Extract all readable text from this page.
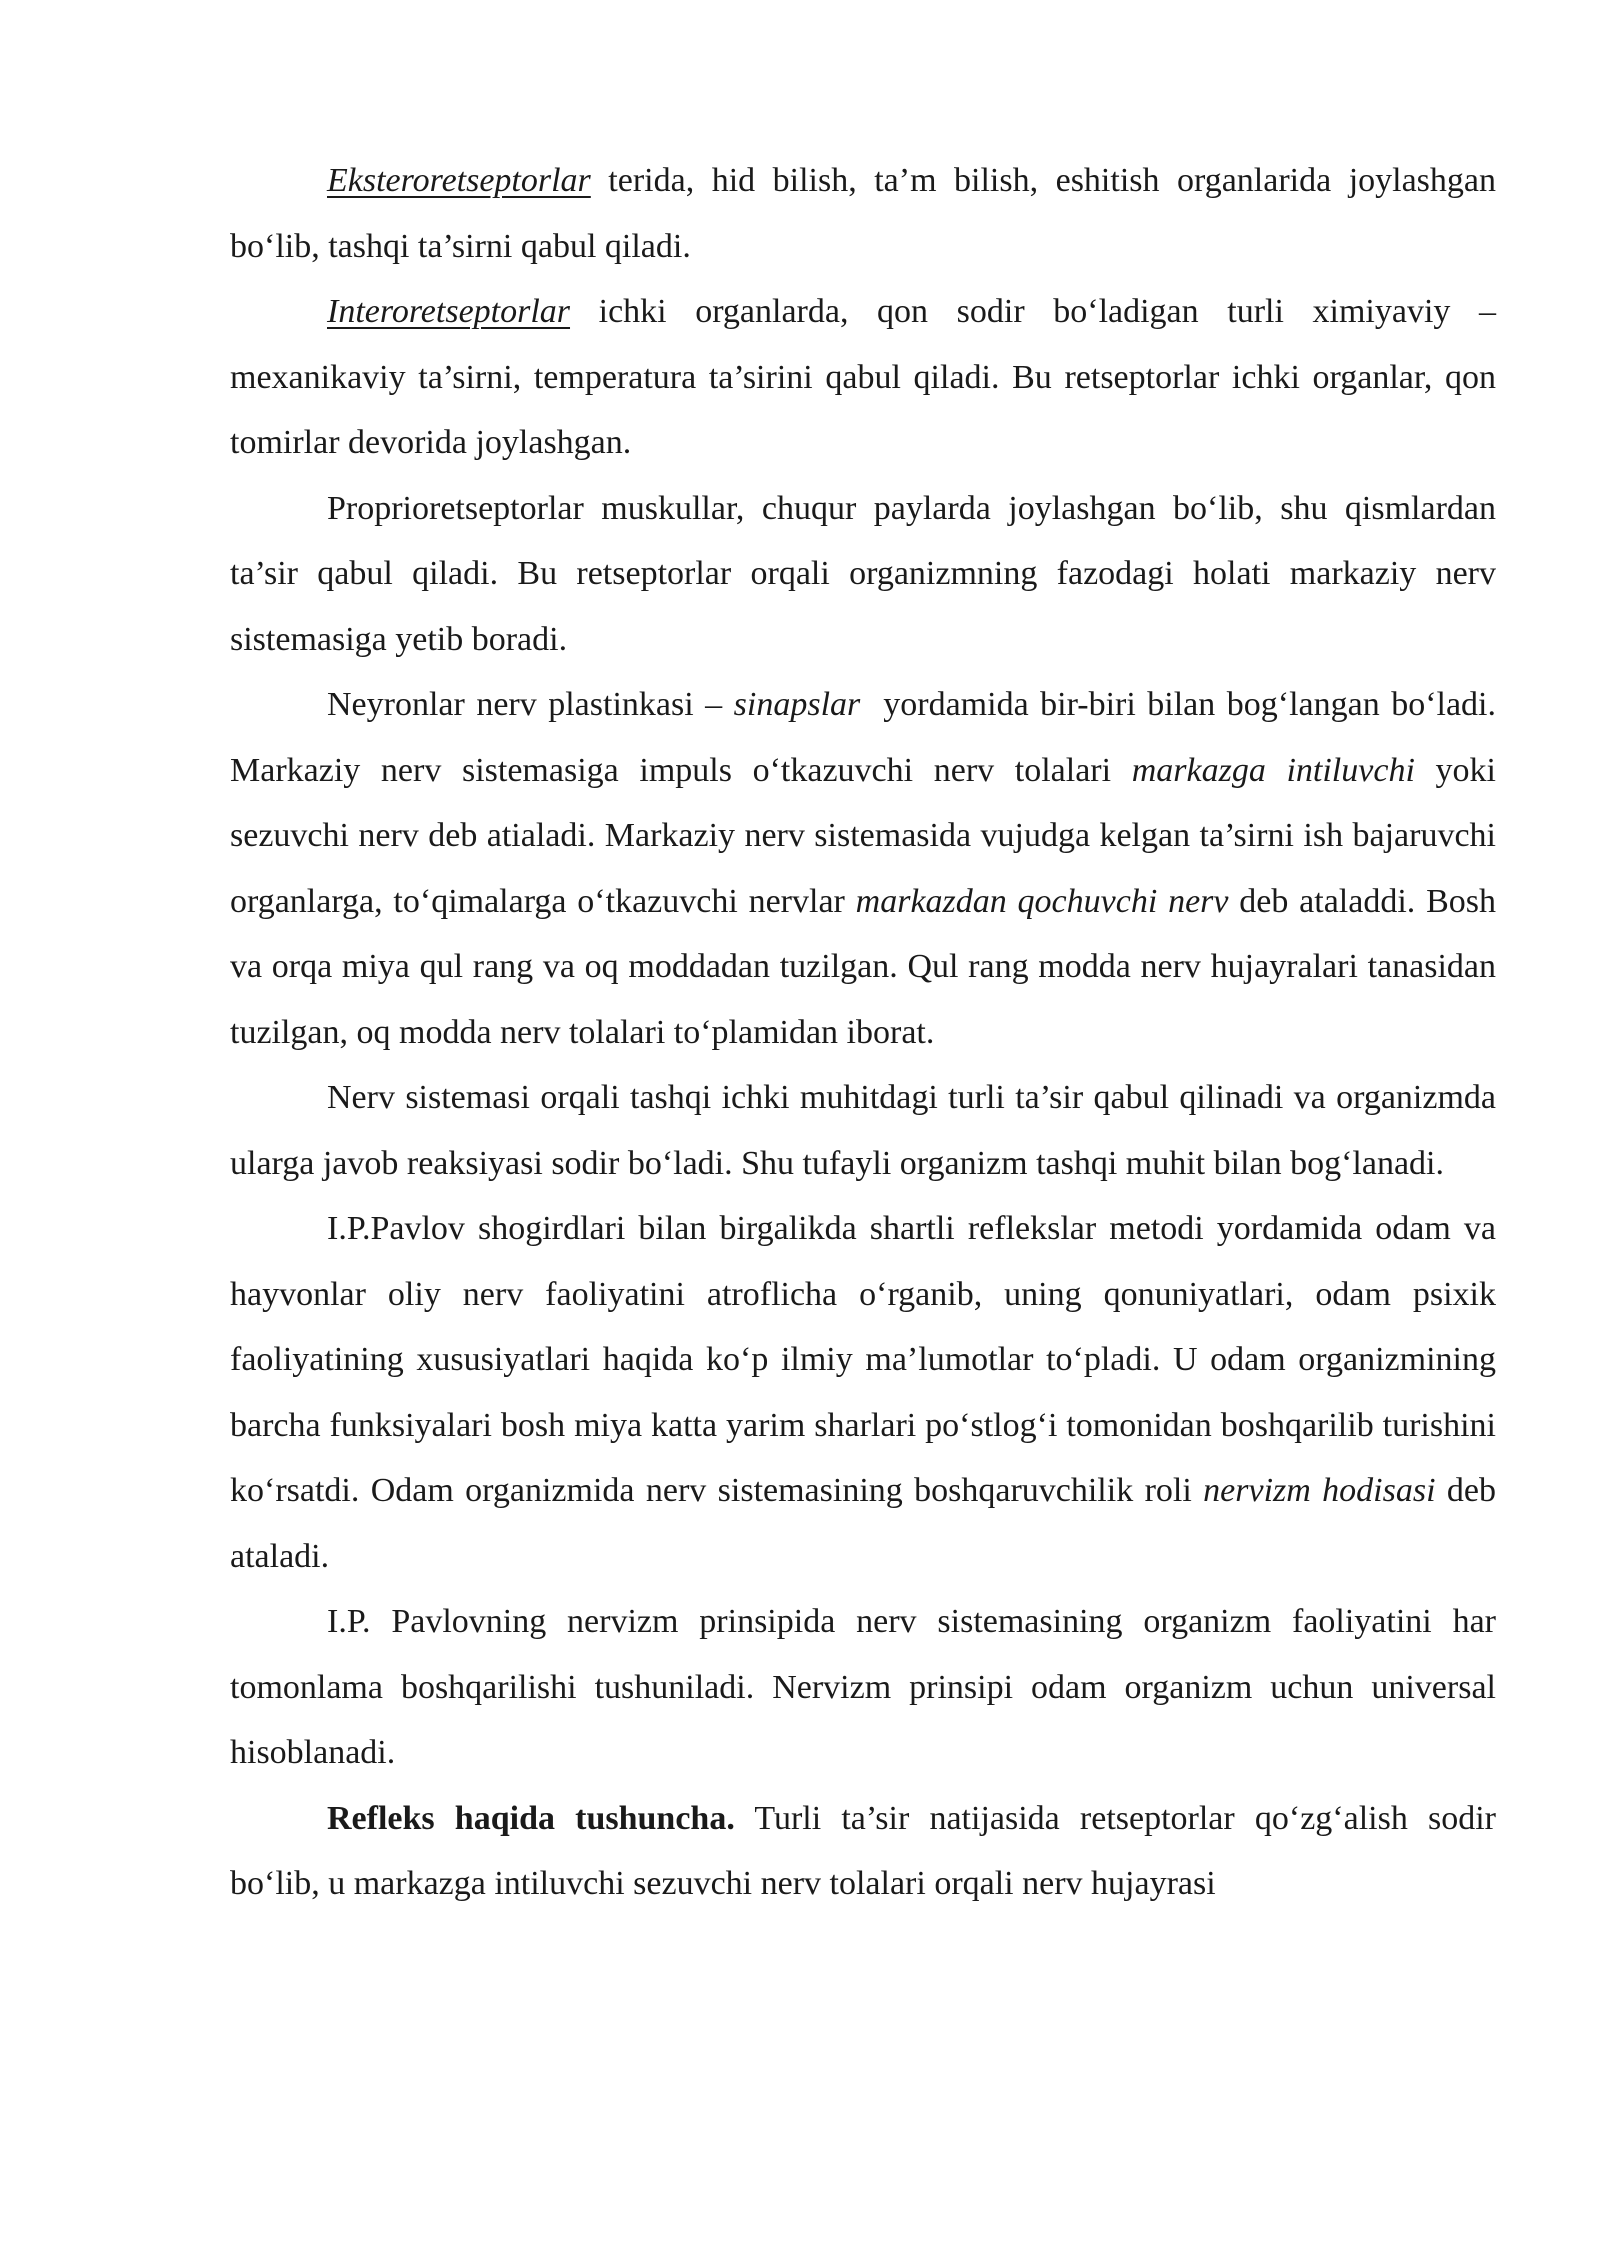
Eksteroretseptorlar terida, hid bilish, ta’m bilish, eshitish organlarida joylashgan bo‘lib, tashqi ta’sirni qabul qiladi.

Interoretseptorlar ichki organlarda, qon sodir bo‘ladigan turli ximiyaviy – mexanikaviy ta’sirni, temperatura ta’sirini qabul qiladi. Bu retseptorlar ichki organlar, qon tomirlar devorida joylashgan.

Proprioretseptorlar muskullar, chuqur paylarda joylashgan bo‘lib, shu qismlardan ta’sir qabul qiladi. Bu retseptorlar orqali organizmning fazodagi holati markaziy nerv sistemasiga yetib boradi.

Neyronlar nerv plastinkasi – sinapslar  yordamida bir-biri bilan bog‘langan bo‘ladi. Markaziy nerv sistemasiga impuls o‘tkazuvchi nerv tolalari markazga intiluvchi yoki sezuvchi nerv deb atialadi. Markaziy nerv sistemasida vujudga kelgan ta’sirni ish bajaruvchi organlarga, to‘qimalarga o‘tkazuvchi nervlar markazdan qochuvchi nerv deb ataladdi. Bosh va orqa miya qul rang va oq moddadan tuzilgan. Qul rang modda nerv hujayralari tanasidan tuzilgan, oq modda nerv tolalari to‘plamidan iborat.

Nerv sistemasi orqali tashqi ichki muhitdagi turli ta’sir qabul qilinadi va organizmda ularga javob reaksiyasi sodir bo‘ladi. Shu tufayli organizm tashqi muhit bilan bog‘lanadi.

I.P.Pavlov shogirdlari bilan birgalikda shartli reflekslar metodi yordamida odam va hayvonlar oliy nerv faoliyatini atroflicha o‘rganib, uning qonuniyatlari, odam psixik faoliyatining xususiyatlari haqida ko‘p ilmiy ma’lumotlar to‘pladi. U odam organizmining barcha funksiyalari bosh miya katta yarim sharlari po‘stlog‘i tomonidan boshqarilib turishini ko‘rsatdi. Odam organizmida nerv sistemasining boshqaruvchilik roli nervizm hodisasi deb ataladi.

I.P. Pavlovning nervizm prinsipida nerv sistemasining organizm faoliyatini har tomonlama boshqarilishi tushuniladi. Nervizm prinsipi odam organizm uchun universal hisoblanadi.

Refleks haqida tushuncha. Turli ta’sir natijasida retseptorlar qo‘zg‘alish sodir bo‘lib, u markazga intiluvchi sezuvchi nerv tolalari orqali nerv hujayrasi
